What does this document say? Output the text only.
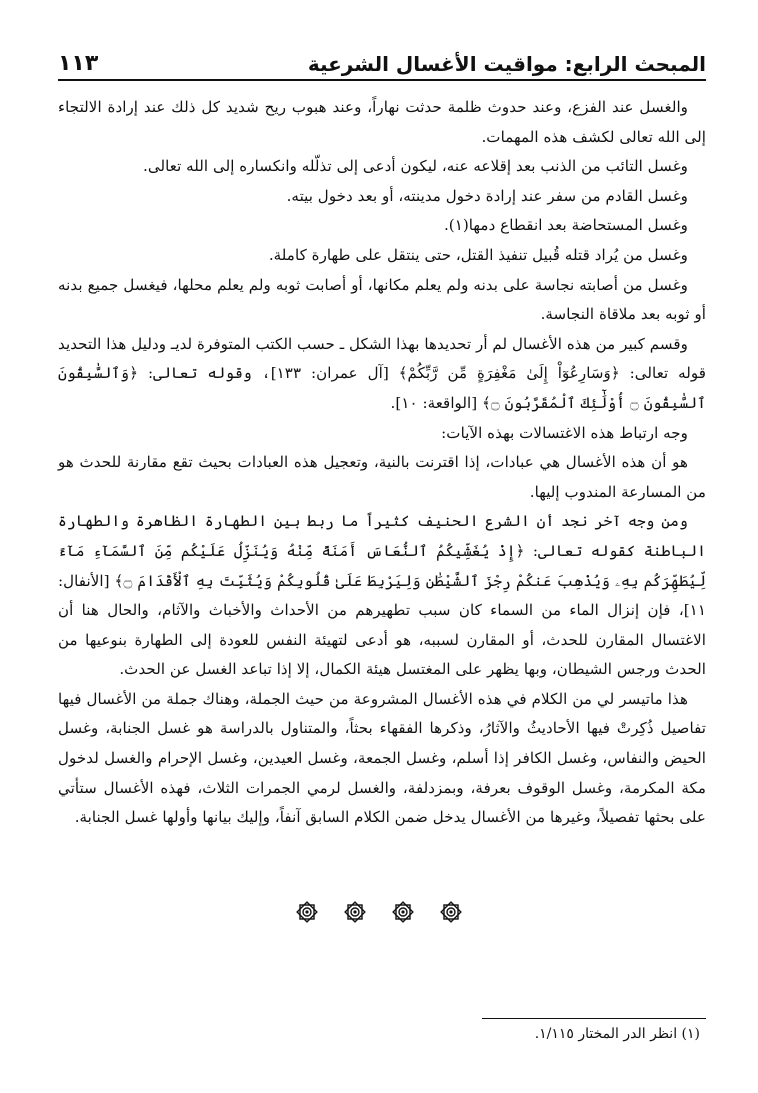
المبحث الرابع: مواقيت الأغسال الشرعية
١١٣

والغسل عند الفزع، وعند حدوث ظلمة حدثت نهاراً، وعند هبوب ريح شديد كل ذلك عند إرادة الالتجاء إلى الله تعالى لكشف هذه المهمات.

وغسل التائب من الذنب بعد إقلاعه عنه، ليكون أدعى إلى تذلّله وانكساره إلى الله تعالى.

وغسل القادم من سفر عند إرادة دخول مدينته، أو بعد دخول بيته.

وغسل المستحاضة بعد انقطاع دمها(١).

وغسل من يُراد قتله قُبيل تنفيذ القتل، حتى ينتقل على طهارة كاملة.

وغسل من أصابته نجاسة على بدنه ولم يعلم مكانها، أو أصابت ثوبه ولم يعلم محلها، فيغسل جميع بدنه أو ثوبه بعد ملاقاة النجاسة.

وقسم كبير من هذه الأغسال لم أر تحديدها بهذا الشكل ـ حسب الكتب المتوفرة لديـ ودليل هذا التحديد قوله تعالى: ﴿وَسَارِعُوٓاْ إِلَىٰ مَغْفِرَةٍ مِّن رَّبِّكُمْ﴾ [آل عمران: ١٣٣]، وقوله تعالى: ﴿وَٱلسَّٰبِقُونَ ٱلسَّٰبِقُونَ ۝ أُوْلَٰٓئِكَ ٱلْمُقَرَّبُونَ ۝﴾ [الواقعة: ١٠].

وجه ارتباط هذه الاغتسالات بهذه الآيات:

هو أن هذه الأغسال هي عبادات، إذا اقترنت بالنية، وتعجيل هذه العبادات بحيث تقع مقارنة للحدث هو من المسارعة المندوب إليها.

ومن وجه آخر نجد أن الشرع الحنيف كثيراً ما ربط بين الطهارة الظاهرة والطهارة الباطنة كقوله تعالى: ﴿إِذْ يُغَشِّيكُمُ ٱلنُّعَاسَ أَمَنَةً مِّنْهُ وَيُنَزِّلُ عَلَيْكُم مِّنَ ٱلسَّمَآءِ مَآءً لِّيُطَهِّرَكُم بِهِۦ وَيُذْهِبَ عَنكُمْ رِجْزَ ٱلشَّيْطَٰنِ وَلِيَرْبِطَ عَلَىٰ قُلُوبِكُمْ وَيُثَبِّتَ بِهِ ٱلْأَقْدَامَ ۝﴾ [الأنفال: ١١]، فإن إنزال الماء من السماء كان سبب تطهيرهم من الأحداث والأخباث والآثام، والحال هنا أن الاغتسال المقارن للحدث، أو المقارن لسببه، هو أدعى لتهيئة النفس للعودة إلى الطهارة بنوعيها من الحدث ورجس الشيطان، وبها يظهر على المغتسل هيئة الكمال، إلا إذا تباعد الغسل عن الحدث.

هذا ماتيسر لي من الكلام في هذه الأغسال المشروعة من حيث الجملة، وهناك جملة من الأغسال فيها تفاصيل ذُكِرتْ فيها الأحاديثُ والآثارُ، وذكرها الفقهاء بحثاً، والمتناول بالدراسة هو غسل الجنابة، وغسل الحيض والنفاس، وغسل الكافر إذا أسلم، وغسل الجمعة، وغسل العيدين، وغسل الإحرام والغسل لدخول مكة المكرمة، وغسل الوقوف بعرفة، وبمزدلفة، والغسل لرمي الجمرات الثلاث، فهذه الأغسال ستأتي على بحثها تفصيلاً، وغيرها من الأغسال يدخل ضمن الكلام السابق آنفاً، وإليك بيانها وأولها غسل الجنابة.

(١) انظر الدر المختار ١/١١٥.
